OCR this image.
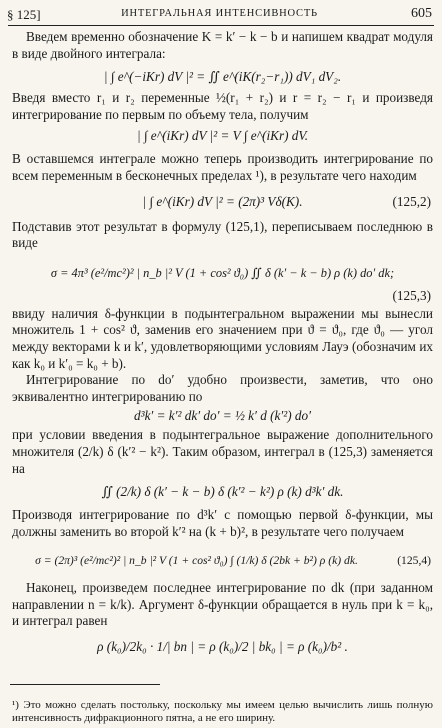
§ 125]	ИНТЕГРАЛЬНАЯ ИНТЕНСИВНОСТЬ	605

Введем временно обозначение K = k′ − k − b и напишем квадрат модуля в виде двойного интеграла:

| ∫ e^(−iKr) dV |² = ∬ e^(iK(r₂−r₁)) dV₁ dV₂.

Введя вместо r₁ и r₂ переменные ½(r₁ + r₂) и r = r₂ − r₁ и произведя интегрирование по первым по объему тела, получим

| ∫ e^(iKr) dV |² = V ∫ e^(iKr) dV.

В оставшемся интеграле можно теперь производить интегрирование по всем переменным в бесконечных пределах ¹), в результате чего находим

| ∫ e^(iKr) dV |² = (2π)³ Vδ(K).	(125,2)

Подставив этот результат в формулу (125,1), переписываем последнюю в виде

σ = 4π³ (e²/mc²)² | n_b |² V (1 + cos² ϑ₀) ∬ δ (k′ − k − b) ρ (k) do′ dk;
(125,3)

ввиду наличия δ-функции в подынтегральном выражении мы вынесли множитель 1 + cos² ϑ, заменив его значением при ϑ = ϑ₀, где ϑ₀ — угол между векторами k и k′, удовлетворяющими условиям Лауэ (обозначим их как k₀ и k′₀ = k₀ + b).

Интегрирование по do′ удобно произвести, заметив, что оно эквивалентно интегрированию по

d³k′ = k′² dk′ do′ = ½ k′ d (k′²) do′

при условии введения в подынтегральное выражение дополнительного множителя (2/k) δ (k′² − k²). Таким образом, интеграл в (125,3) заменяется на

∬ (2/k) δ (k′ − k − b) δ (k′² − k²) ρ (k) d³k′ dk.

Производя интегрирование по d³k′ с помощью первой δ-функции, мы должны заменить во второй k′² на (k + b)², в результате чего получаем

σ = (2π)³ (e²/mc²)² | n_b |² V (1 + cos² ϑ₀) ∫ (1/k) δ (2bk + b²) ρ (k) dk.	(125,4)

Наконец, произведем последнее интегрирование по dk (при заданном направлении n = k/k). Аргумент δ-функции обращается в нуль при k = k₀, и интеграл равен

ρ (k₀)/2k₀ · 1/| bn | = ρ (k₀)/2 | bk₀ | = ρ (k₀)/b² .

¹) Это можно сделать постольку, поскольку мы имеем целью вычислить лишь полную интенсивность дифракционного пятна, а не его ширину.
